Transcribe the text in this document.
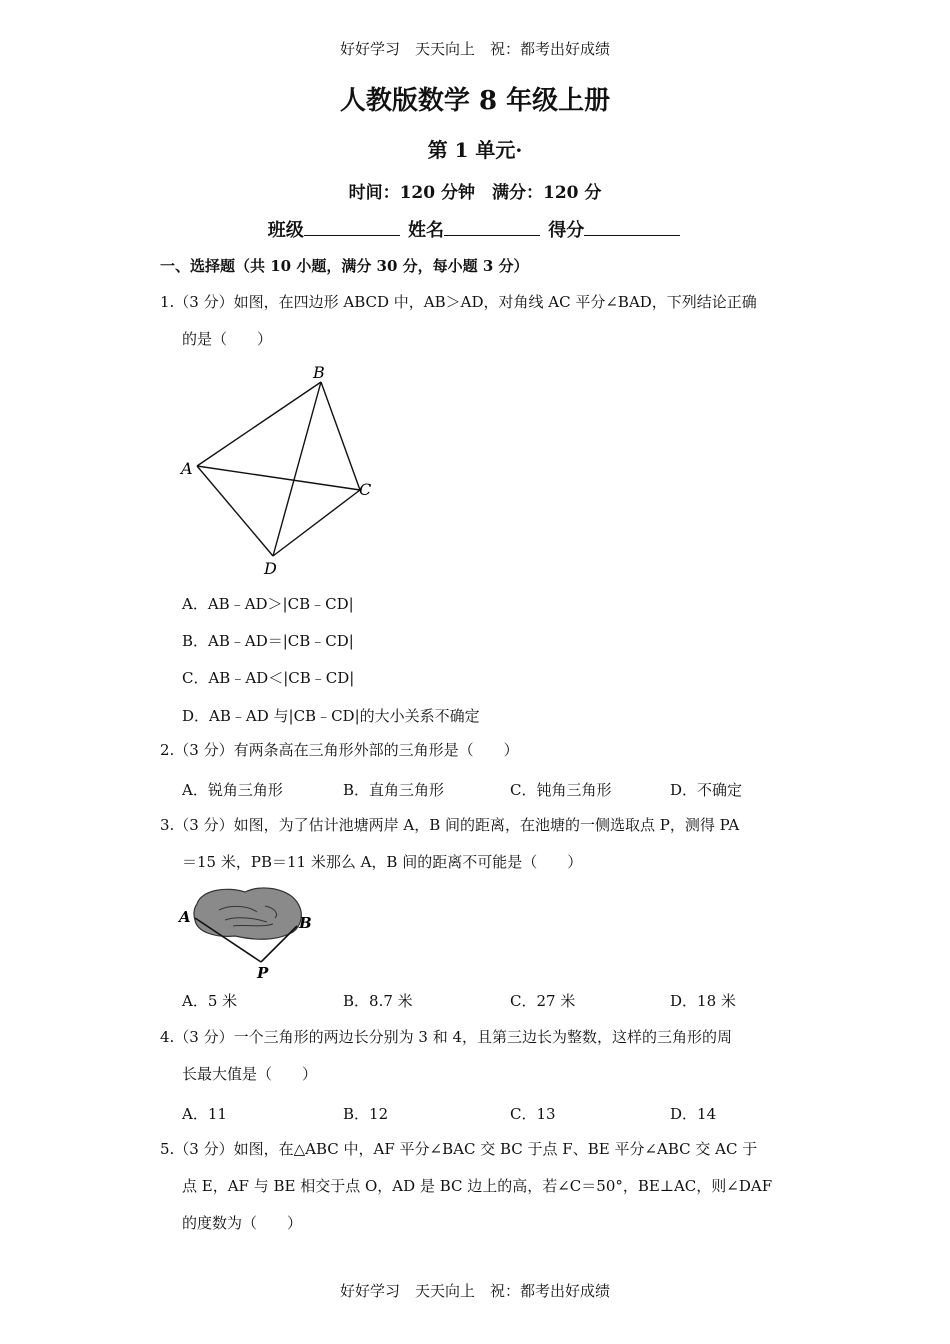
好好学习　天天向上　祝：都考出好成绩
人教版数学 8 年级上册
第 1 单元·
时间：120 分钟　满分：120 分
班级	姓名	得分
一、选择题（共 10 小题，满分 30 分，每小题 3 分）
1.（3 分）如图，在四边形 ABCD 中，AB＞AD，对角线 AC 平分∠BAD，下列结论正确
的是（　　）
A
B
C
D
A．AB﹣AD＞|CB﹣CD|
B．AB﹣AD＝|CB﹣CD|
C．AB﹣AD＜|CB﹣CD|
D．AB﹣AD 与|CB﹣CD|的大小关系不确定
2.（3 分）有两条高在三角形外部的三角形是（　　）
A．锐角三角形	B．直角三角形	C．钝角三角形	D．不确定
3.（3 分）如图，为了估计池塘两岸 A，B 间的距离，在池塘的一侧选取点 P，测得 PA
＝15 米，PB＝11 米那么 A，B 间的距离不可能是（　　）
A	B
P
A．5 米	B．8.7 米	C．27 米	D．18 米
4.（3 分）一个三角形的两边长分别为 3 和 4，且第三边长为整数，这样的三角形的周
长最大值是（　　）
A．11	B．12	C．13	D．14
5.（3 分）如图，在△ABC 中，AF 平分∠BAC 交 BC 于点 F、BE 平分∠ABC 交 AC 于
点 E，AF 与 BE 相交于点 O，AD 是 BC 边上的高，若∠C＝50°，BE⊥AC，则∠DAF
的度数为（　　）
好好学习　天天向上　祝：都考出好成绩
